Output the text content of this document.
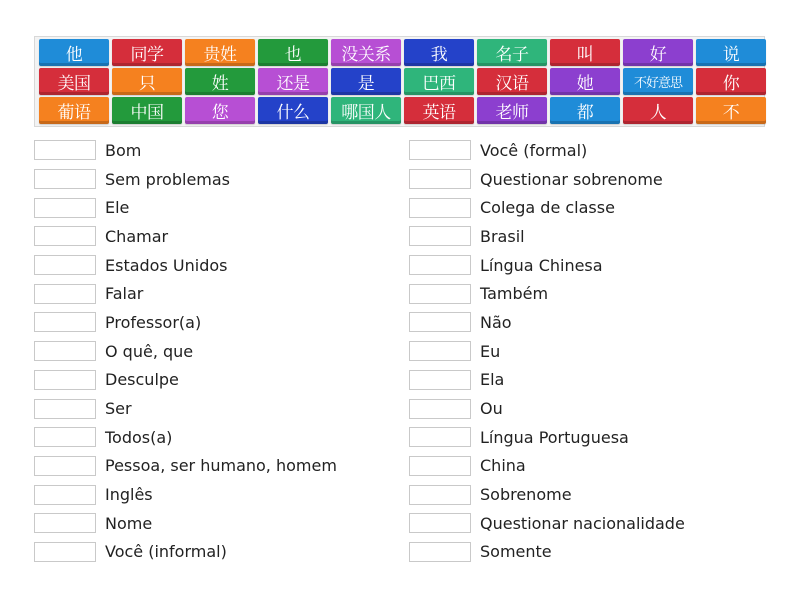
他	同学	贵姓	也	没关系	我	名子	叫	好	说
美国	只	姓	还是	是	巴西	汉语	她	不好意思	你
葡语	中国	您	什么	哪国人	英语	老师	都	人	不
Bom
Sem problemas
Ele
Chamar
Estados Unidos
Falar
Professor(a)
O quê, que
Desculpe
Ser
Todos(a)
Pessoa, ser humano, homem
Inglês
Nome
Você (informal)
Você (formal)
Questionar sobrenome
Colega de classe
Brasil
Língua Chinesa
Também
Não
Eu
Ela
Ou
Língua Portuguesa
China
Sobrenome
Questionar nacionalidade
Somente
